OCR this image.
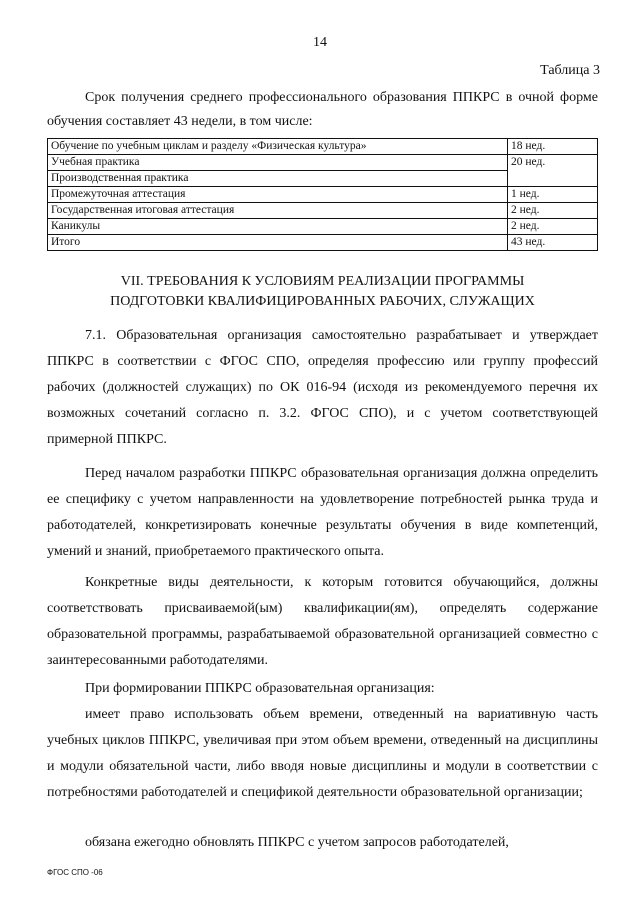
14
Таблица 3

Срок получения среднего профессионального образования ППКРС в очной форме обучения составляет 43 недели, в том числе:

Обучение по учебным циклам и разделу «Физическая культура»	18 нед.
Учебная практика	20 нед.
Производственная практика	
Промежуточная аттестация	1 нед.
Государственная итоговая аттестация	2 нед.
Каникулы	2 нед.
Итого	43 нед.
VII. ТРЕБОВАНИЯ К УСЛОВИЯМ РЕАЛИЗАЦИИ ПРОГРАММЫ
ПОДГОТОВКИ КВАЛИФИЦИРОВАННЫХ РАБОЧИХ, СЛУЖАЩИХ

7.1. Образовательная организация самостоятельно разрабатывает и утверждает ППКРС в соответствии с ФГОС СПО, определяя профессию или группу профессий рабочих (должностей служащих) по ОК 016-94 (исходя из рекомендуемого перечня их возможных сочетаний согласно п. 3.2. ФГОС СПО), и с учетом соответствующей примерной ППКРС.

Перед началом разработки ППКРС образовательная организация должна определить ее специфику с учетом направленности на удовлетворение потребностей рынка труда и работодателей, конкретизировать конечные результаты обучения в виде компетенций, умений и знаний, приобретаемого практического опыта.

Конкретные виды деятельности, к которым готовится обучающийся, должны соответствовать присваиваемой(ым) квалификации(ям), определять содержание образовательной программы, разрабатываемой образовательной организацией совместно с заинтересованными работодателями.

При формировании ППКРС образовательная организация:

имеет право использовать объем времени, отведенный на вариативную часть учебных циклов ППКРС, увеличивая при этом объем времени, отведенный на дисциплины и модули обязательной части, либо вводя новые дисциплины и модули в соответствии с потребностями работодателей и спецификой деятельности образовательной организации;

обязана ежегодно обновлять ППКРС с учетом запросов работодателей,

ФГОС СПО -06
